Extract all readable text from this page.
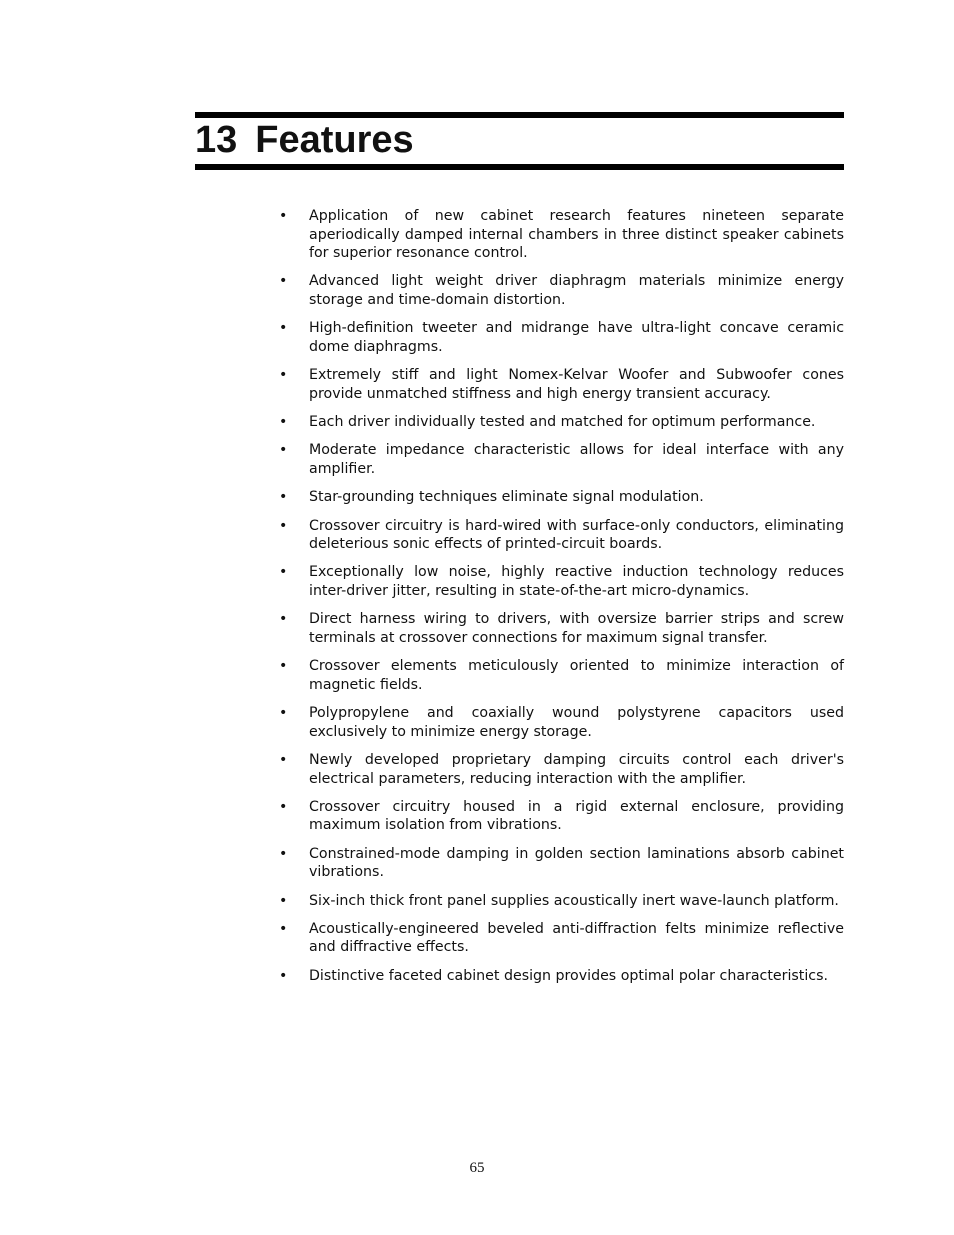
13 Features
• Application of new cabinet research features nineteen separate aperiodically damped internal chambers in three distinct speaker cabinets for superior resonance control.
• Advanced light weight driver diaphragm materials minimize energy storage and time-domain distortion.
• High-definition tweeter and midrange have ultra-light concave ceramic dome diaphragms.
• Extremely stiff and light Nomex-Kelvar Woofer and Subwoofer cones provide unmatched stiffness and high energy transient accuracy.
• Each driver individually tested and matched for optimum performance.
• Moderate impedance characteristic allows for ideal interface with any amplifier.
• Star-grounding techniques eliminate signal modulation.
• Crossover circuitry is hard-wired with surface-only conductors, eliminating deleterious sonic effects of printed-circuit boards.
• Exceptionally low noise, highly reactive induction technology reduces inter-driver jitter, resulting in state-of-the-art micro-dynamics.
• Direct harness wiring to drivers, with oversize barrier strips and screw terminals at crossover connections for maximum signal transfer.
• Crossover elements meticulously oriented to minimize interaction of magnetic fields.
• Polypropylene and coaxially wound polystyrene capacitors used exclusively to minimize energy storage.
• Newly developed proprietary damping circuits control each driver's electrical parameters, reducing interaction with the amplifier.
• Crossover circuitry housed in a rigid external enclosure, providing maximum isolation from vibrations.
• Constrained-mode damping in golden section laminations absorb cabinet vibrations.
• Six-inch thick front panel supplies acoustically inert wave-launch platform.
• Acoustically-engineered beveled anti-diffraction felts minimize reflective and diffractive effects.
• Distinctive faceted cabinet design provides optimal polar characteristics.
65
